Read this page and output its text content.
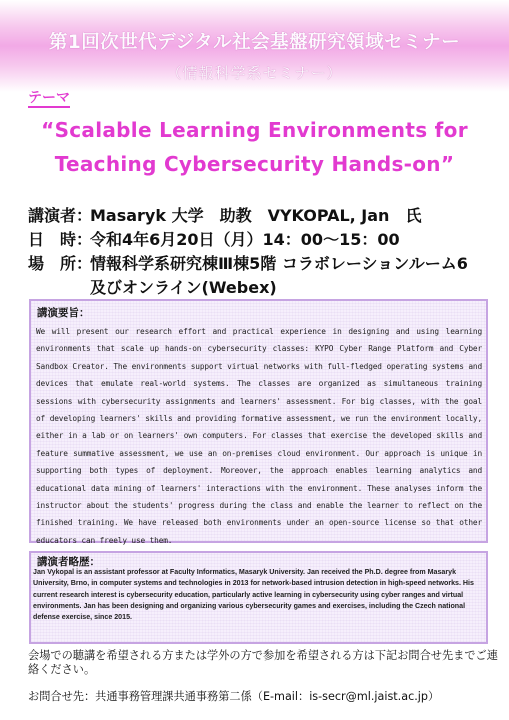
第1回次世代デジタル社会基盤研究領域セミナー
（情報科学系セミナー）
テーマ
“Scalable Learning Environments for
Teaching Cybersecurity Hands-on”
講演者：Masaryk 大学　助教　VYKOPAL, Jan　氏
日　時：令和4年6月20日（月）14：00～15：00
場　所：情報科学系研究棟Ⅲ棟5階 コラボレーションルーム6
及びオンライン(Webex)
講演要旨：
We will present our research effort and practical experience in designing and using learning environments that scale up hands-on cybersecurity classes: KYPO Cyber Range Platform and Cyber Sandbox Creator. The environments support virtual networks with full-fledged operating systems and devices that emulate real-world systems. The classes are organized as simultaneous training sessions with cybersecurity assignments and learners' assessment. For big classes, with the goal of developing learners' skills and providing formative assessment, we run the environment locally, either in a lab or on learners' own computers. For classes that exercise the developed skills and feature summative assessment, we use an on-premises cloud environment. Our approach is unique in supporting both types of deployment. Moreover, the approach enables learning analytics and educational data mining of learners' interactions with the environment. These analyses inform the instructor about the students' progress during the class and enable the learner to reflect on the finished training. We have released both environments under an open-source license so that other educators can freely use them.
講演者略歴：
Jan Vykopal is an assistant professor at Faculty Informatics, Masaryk University. Jan received the Ph.D. degree from Masaryk University, Brno, in computer systems and technologies in 2013 for network-based intrusion detection in high-speed networks. His current research interest is cybersecurity education, particularly active learning in cybersecurity using cyber ranges and virtual environments. Jan has been designing and organizing various cybersecurity games and exercises, including the Czech national defense exercise, since 2015.
会場での聴講を希望される方または学外の方で参加を希望される方は下記お問合せ先までご連絡ください。
お問合せ先：共通事務管理課共通事務第二係（E-mail：is-secr@ml.jaist.ac.jp）
